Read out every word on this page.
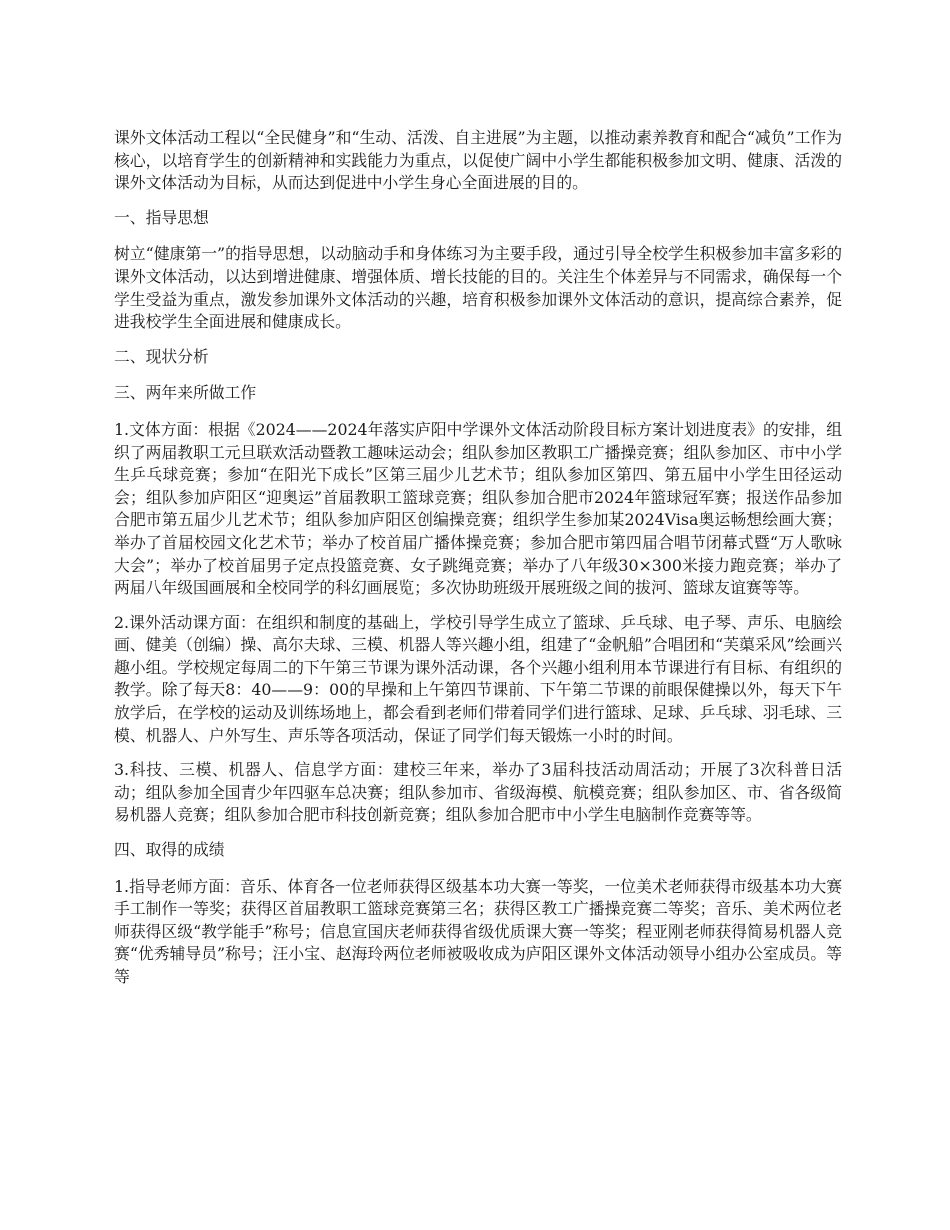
课外文体活动工程以“全民健身”和“生动、活泼、自主进展”为主题，以推动素养教育和配合“减负”工作为核心，以培育学生的创新精神和实践能力为重点，以促使广阔中小学生都能积极参加文明、健康、活泼的课外文体活动为目标，从而达到促进中小学生身心全面进展的目的。

一、指导思想

树立“健康第一”的指导思想，以动脑动手和身体练习为主要手段，通过引导全校学生积极参加丰富多彩的课外文体活动，以达到增进健康、增强体质、增长技能的目的。关注生个体差异与不同需求，确保每一个学生受益为重点，激发参加课外文体活动的兴趣，培育积极参加课外文体活动的意识，提高综合素养，促进我校学生全面进展和健康成长。

二、现状分析

三、两年来所做工作

1.文体方面：根据《2024——2024年落实庐阳中学课外文体活动阶段目标方案计划进度表》的安排，组织了两届教职工元旦联欢活动暨教工趣味运动会；组队参加区教职工广播操竞赛；组队参加区、市中小学生乒乓球竞赛；参加“在阳光下成长”区第三届少儿艺术节；组队参加区第四、第五届中小学生田径运动会；组队参加庐阳区“迎奥运”首届教职工篮球竞赛；组队参加合肥市2024年篮球冠军赛；报送作品参加合肥市第五届少儿艺术节；组队参加庐阳区创编操竞赛；组织学生参加某2024Visa奥运畅想绘画大赛；举办了首届校园文化艺术节；举办了校首届广播体操竞赛；参加合肥市第四届合唱节闭幕式暨“万人歌咏大会”；举办了校首届男子定点投篮竞赛、女子跳绳竞赛；举办了八年级30×300米接力跑竞赛；举办了两届八年级国画展和全校同学的科幻画展览；多次协助班级开展班级之间的拔河、篮球友谊赛等等。

2.课外活动课方面：在组织和制度的基础上，学校引导学生成立了篮球、乒乓球、电子琴、声乐、电脑绘画、健美（创编）操、高尔夫球、三模、机器人等兴趣小组，组建了“金帆船”合唱团和“芙蕖采风”绘画兴趣小组。学校规定每周二的下午第三节课为课外活动课，各个兴趣小组利用本节课进行有目标、有组织的教学。除了每天8：40——9：00的早操和上午第四节课前、下午第二节课的前眼保健操以外，每天下午放学后，在学校的运动及训练场地上，都会看到老师们带着同学们进行篮球、足球、乒乓球、羽毛球、三模、机器人、户外写生、声乐等各项活动，保证了同学们每天锻炼一小时的时间。

3.科技、三模、机器人、信息学方面：建校三年来，举办了3届科技活动周活动；开展了3次科普日活动；组队参加全国青少年四驱车总决赛；组队参加市、省级海模、航模竞赛；组队参加区、市、省各级简易机器人竞赛；组队参加合肥市科技创新竞赛；组队参加合肥市中小学生电脑制作竞赛等等。

四、取得的成绩

1.指导老师方面：音乐、体育各一位老师获得区级基本功大赛一等奖，一位美术老师获得市级基本功大赛手工制作一等奖；获得区首届教职工篮球竞赛第三名；获得区教工广播操竞赛二等奖；音乐、美术两位老师获得区级“教学能手”称号；信息宣国庆老师获得省级优质课大赛一等奖；程亚刚老师获得简易机器人竞赛“优秀辅导员”称号；汪小宝、赵海玲两位老师被吸收成为庐阳区课外文体活动领导小组办公室成员。等等
